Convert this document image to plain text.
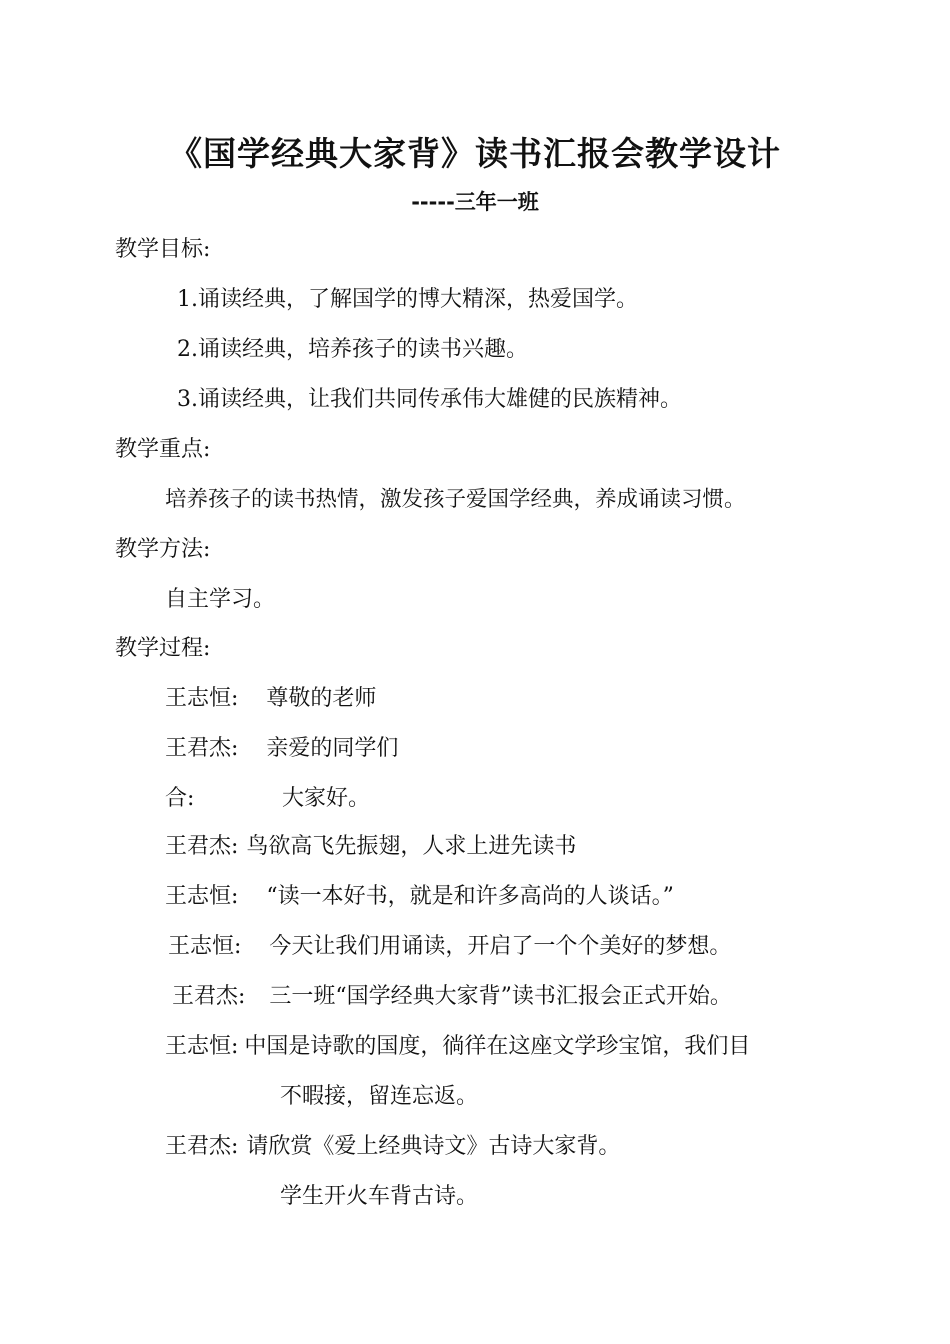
《国学经典大家背》读书汇报会教学设计
-----三年一班
教学目标:
1.诵读经典，了解国学的博大精深，热爱国学。
2.诵读经典，培养孩子的读书兴趣。
3.诵读经典，让我们共同传承伟大雄健的民族精神。
教学重点:
培养孩子的读书热情，激发孩子爱国学经典，养成诵读习惯。
教学方法:
自主学习。
教学过程:
王志恒: 尊敬的老师
王君杰: 亲爱的同学们
合:	大家好。
王君杰: 鸟欲高飞先振翅，人求上进先读书
王志恒: “读一本好书，就是和许多高尚的人谈话。”
王志恒: 今天让我们用诵读，开启了一个个美好的梦想。
王君杰: 三一班“国学经典大家背”读书汇报会正式开始。
王志恒: 中国是诗歌的国度，徜徉在这座文学珍宝馆，我们目
不暇接，留连忘返。
王君杰: 请欣赏《爱上经典诗文》古诗大家背。
学生开火车背古诗。
